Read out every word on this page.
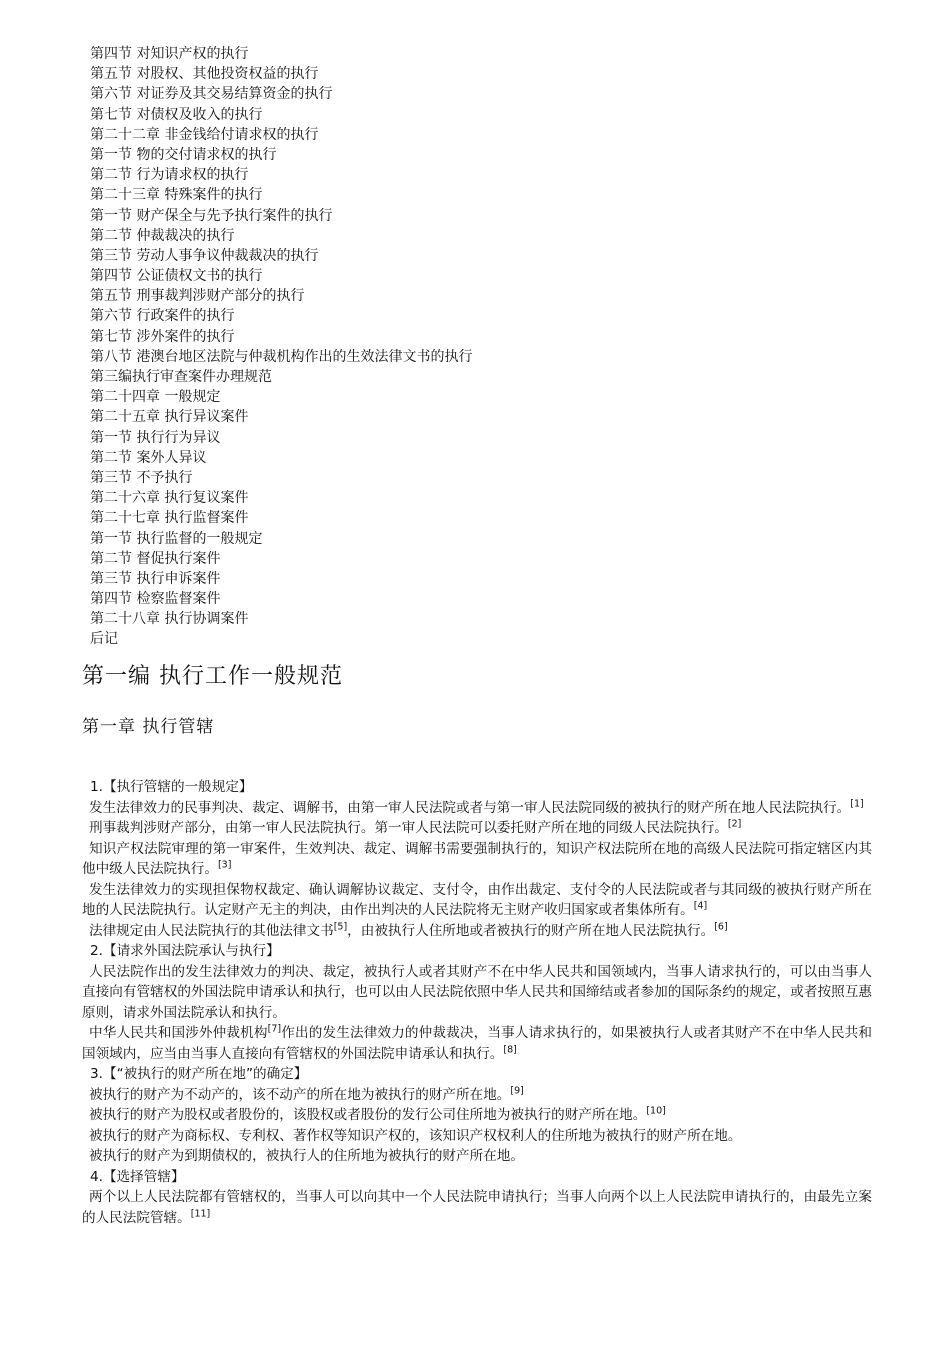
第四节 对知识产权的执行
第五节 对股权、其他投资权益的执行
第六节 对证券及其交易结算资金的执行
第七节 对债权及收入的执行
第二十二章 非金钱给付请求权的执行
第一节 物的交付请求权的执行
第二节 行为请求权的执行
第二十三章 特殊案件的执行
第一节 财产保全与先予执行案件的执行
第二节 仲裁裁决的执行
第三节 劳动人事争议仲裁裁决的执行
第四节 公证债权文书的执行
第五节 刑事裁判涉财产部分的执行
第六节 行政案件的执行
第七节 涉外案件的执行
第八节 港澳台地区法院与仲裁机构作出的生效法律文书的执行
第三编执行审查案件办理规范
第二十四章 一般规定
第二十五章 执行异议案件
第一节 执行行为异议
第二节 案外人异议
第三节 不予执行
第二十六章 执行复议案件
第二十七章 执行监督案件
第一节 执行监督的一般规定
第二节 督促执行案件
第三节 执行申诉案件
第四节 检察监督案件
第二十八章 执行协调案件
后记
第一编 执行工作一般规范
第一章 执行管辖

1.【执行管辖的一般规定】

发生法律效力的民事判决、裁定、调解书，由第一审人民法院或者与第一审人民法院同级的被执行的财产所在地人民法院执行。[1]

刑事裁判涉财产部分，由第一审人民法院执行。第一审人民法院可以委托财产所在地的同级人民法院执行。[2]

知识产权法院审理的第一审案件，生效判决、裁定、调解书需要强制执行的，知识产权法院所在地的高级人民法院可指定辖区内其他中级人民法院执行。[3]

发生法律效力的实现担保物权裁定、确认调解协议裁定、支付令，由作出裁定、支付令的人民法院或者与其同级的被执行财产所在地的人民法院执行。认定财产无主的判决，由作出判决的人民法院将无主财产收归国家或者集体所有。[4]

法律规定由人民法院执行的其他法律文书[5]，由被执行人住所地或者被执行的财产所在地人民法院执行。[6]

2.【请求外国法院承认与执行】

人民法院作出的发生法律效力的判决、裁定，被执行人或者其财产不在中华人民共和国领域内，当事人请求执行的，可以由当事人直接向有管辖权的外国法院申请承认和执行，也可以由人民法院依照中华人民共和国缔结或者参加的国际条约的规定，或者按照互惠原则，请求外国法院承认和执行。

中华人民共和国涉外仲裁机构[7]作出的发生法律效力的仲裁裁决，当事人请求执行的，如果被执行人或者其财产不在中华人民共和国领域内，应当由当事人直接向有管辖权的外国法院申请承认和执行。[8]

3.【“被执行的财产所在地”的确定】

被执行的财产为不动产的，该不动产的所在地为被执行的财产所在地。[9]

被执行的财产为股权或者股份的，该股权或者股份的发行公司住所地为被执行的财产所在地。[10]

被执行的财产为商标权、专利权、著作权等知识产权的，该知识产权权利人的住所地为被执行的财产所在地。

被执行的财产为到期债权的，被执行人的住所地为被执行的财产所在地。

4.【选择管辖】

两个以上人民法院都有管辖权的，当事人可以向其中一个人民法院申请执行；当事人向两个以上人民法院申请执行的，由最先立案的人民法院管辖。[11]
